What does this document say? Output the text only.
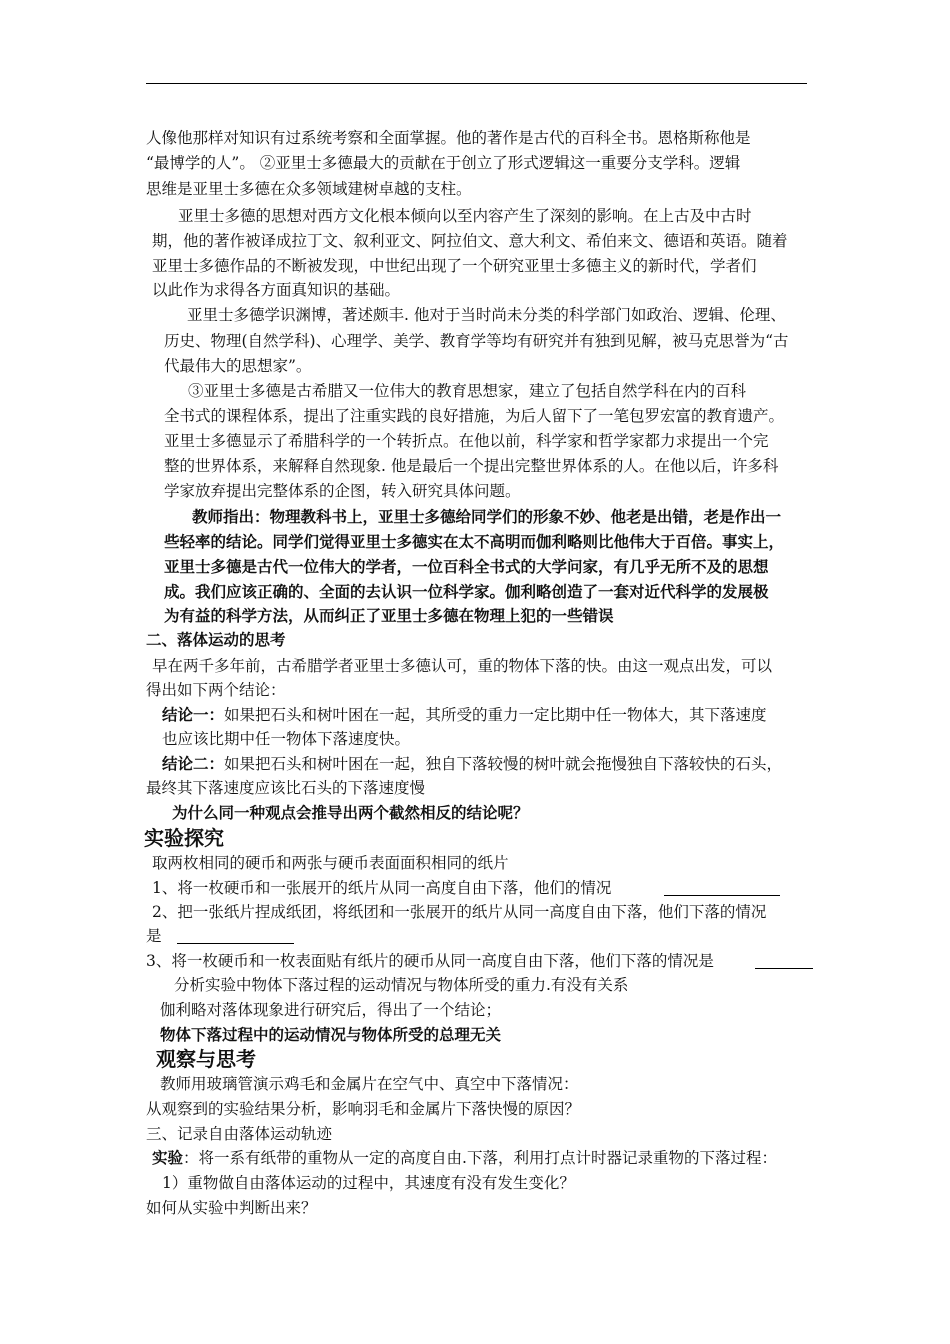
人像他那样对知识有过系统考察和全面掌握。他的著作是古代的百科全书。恩格斯称他是
“最博学的人”。 ②亚里士多德最大的贡献在于创立了形式逻辑这一重要分支学科。逻辑
思维是亚里士多德在众多领域建树卓越的支柱。
亚里士多德的思想对西方文化根本倾向以至内容产生了深刻的影响。在上古及中古时
期，他的著作被译成拉丁文、叙利亚文、阿拉伯文、意大利文、希伯来文、德语和英语。随着
亚里士多德作品的不断被发现，中世纪出现了一个研究亚里士多德主义的新时代，学者们
以此作为求得各方面真知识的基础。
亚里士多德学识渊博，著述颇丰. 他对于当时尚未分类的科学部门如政治、逻辑、伦理、
历史、物理(自然学科)、心理学、美学、教育学等均有研究并有独到见解，被马克思誉为“古
代最伟大的思想家”。
③亚里士多德是古希腊又一位伟大的教育思想家，建立了包括自然学科在内的百科
全书式的课程体系，提出了注重实践的良好措施，为后人留下了一笔包罗宏富的教育遗产。
亚里士多德显示了希腊科学的一个转折点。在他以前，科学家和哲学家都力求提出一个完
整的世界体系，来解释自然现象. 他是最后一个提出完整世界体系的人。在他以后，许多科
学家放弃提出完整体系的企图，转入研究具体问题。
教师指出：物理教科书上，亚里士多德给同学们的形象不妙、他老是出错，老是作出一
些轻率的结论。同学们觉得亚里士多德实在太不高明而伽利略则比他伟大于百倍。事实上，
亚里士多德是古代一位伟大的学者，一位百科全书式的大学问家，有几乎无所不及的思想
成。我们应该正确的、全面的去认识一位科学家。伽利略创造了一套对近代科学的发展极
为有益的科学方法，从而纠正了亚里士多德在物理上犯的一些错误
二、落体运动的思考
早在两千多年前，古希腊学者亚里士多德认可，重的物体下落的快。由这一观点出发，可以
得出如下两个结论：
结论一：如果把石头和树叶困在一起，其所受的重力一定比期中任一物体大，其下落速度
也应该比期中任一物体下落速度快。
结论二：如果把石头和树叶困在一起，独自下落较慢的树叶就会拖慢独自下落较快的石头，
最终其下落速度应该比石头的下落速度慢
为什么同一种观点会推导出两个截然相反的结论呢？
实验探究
取两枚相同的硬币和两张与硬币表面面积相同的纸片
1、将一枚硬币和一张展开的纸片从同一高度自由下落，他们的情况
2、把一张纸片捏成纸团，将纸团和一张展开的纸片从同一高度自由下落，他们下落的情况
是
3、将一枚硬币和一枚表面贴有纸片的硬币从同一高度自由下落，他们下落的情况是
分析实验中物体下落过程的运动情况与物体所受的重力.有没有关系
伽利略对落体现象进行研究后，得出了一个结论；
物体下落过程中的运动情况与物体所受的总理无关
观察与思考
教师用玻璃管演示鸡毛和金属片在空气中、真空中下落情况：
从观察到的实验结果分析，影响羽毛和金属片下落快慢的原因？
三、记录自由落体运动轨迹
实验：将一系有纸带的重物从一定的高度自由.下落，利用打点计时器记录重物的下落过程：
1）重物做自由落体运动的过程中，其速度有没有发生变化？
如何从实验中判断出来？
